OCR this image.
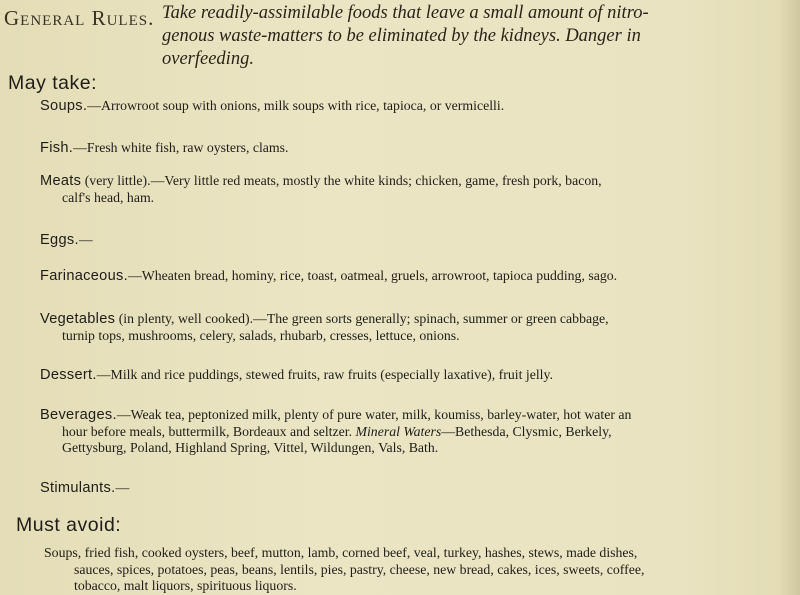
General Rules. Take readily-assimilable foods that leave a small amount of nitro-genous waste-matters to be eliminated by the kidneys. Danger in overfeeding.
May take:
Soups.—Arrowroot soup with onions, milk soups with rice, tapioca, or vermicelli.
Fish.—Fresh white fish, raw oysters, clams.
Meats (very little).—Very little red meats, mostly the white kinds; chicken, game, fresh pork, bacon,
calf's head, ham.
Eggs.—
Farinaceous.—Wheaten bread, hominy, rice, toast, oatmeal, gruels, arrowroot, tapioca pudding, sago.
Vegetables (in plenty, well cooked).—The green sorts generally; spinach, summer or green cabbage,
turnip tops, mushrooms, celery, salads, rhubarb, cresses, lettuce, onions.
Dessert.—Milk and rice puddings, stewed fruits, raw fruits (especially laxative), fruit jelly.
Beverages.—Weak tea, peptonized milk, plenty of pure water, milk, koumiss, barley-water, hot water an
hour before meals, buttermilk, Bordeaux and seltzer. Mineral Waters—Bethesda, Clysmic, Berkely,
Gettysburg, Poland, Highland Spring, Vittel, Wildungen, Vals, Bath.
Stimulants.—
Must avoid:
Soups, fried fish, cooked oysters, beef, mutton, lamb, corned beef, veal, turkey, hashes, stews, made dishes,
sauces, spices, potatoes, peas, beans, lentils, pies, pastry, cheese, new bread, cakes, ices, sweets, coffee,
tobacco, malt liquors, spirituous liquors.
